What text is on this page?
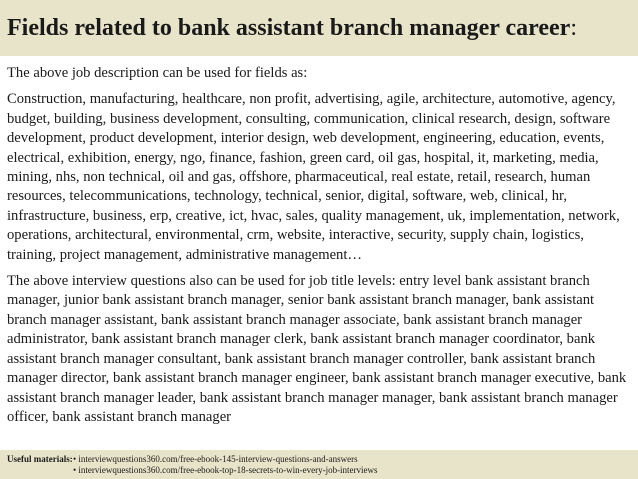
Fields related to bank assistant branch manager career:

The above job description can be used for fields as:

Construction, manufacturing, healthcare, non profit, advertising, agile, architecture, automotive, agency, budget, building, business development, consulting, communication, clinical research, design, software development, product development, interior design, web development, engineering, education, events, electrical, exhibition, energy, ngo, finance, fashion, green card, oil gas, hospital, it, marketing, media, mining, nhs, non technical, oil and gas, offshore, pharmaceutical, real estate, retail, research, human resources, telecommunications, technology, technical, senior, digital, software, web, clinical, hr, infrastructure, business, erp, creative, ict, hvac, sales, quality management, uk, implementation, network, operations, architectural, environmental, crm, website, interactive, security, supply chain, logistics, training, project management, administrative management…

The above interview questions also can be used for job title levels: entry level bank assistant branch manager, junior bank assistant branch manager, senior bank assistant branch manager, bank assistant branch manager assistant, bank assistant branch manager associate, bank assistant branch manager administrator, bank assistant branch manager clerk, bank assistant branch manager coordinator, bank assistant branch manager consultant, bank assistant branch manager controller, bank assistant branch manager director, bank assistant branch manager engineer, bank assistant branch manager executive, bank assistant branch manager leader, bank assistant branch manager manager, bank assistant branch manager officer, bank assistant branch manager

Useful materials:• interviewquestions360.com/free-ebook-145-interview-questions-and-answers
• interviewquestions360.com/free-ebook-top-18-secrets-to-win-every-job-interviews
